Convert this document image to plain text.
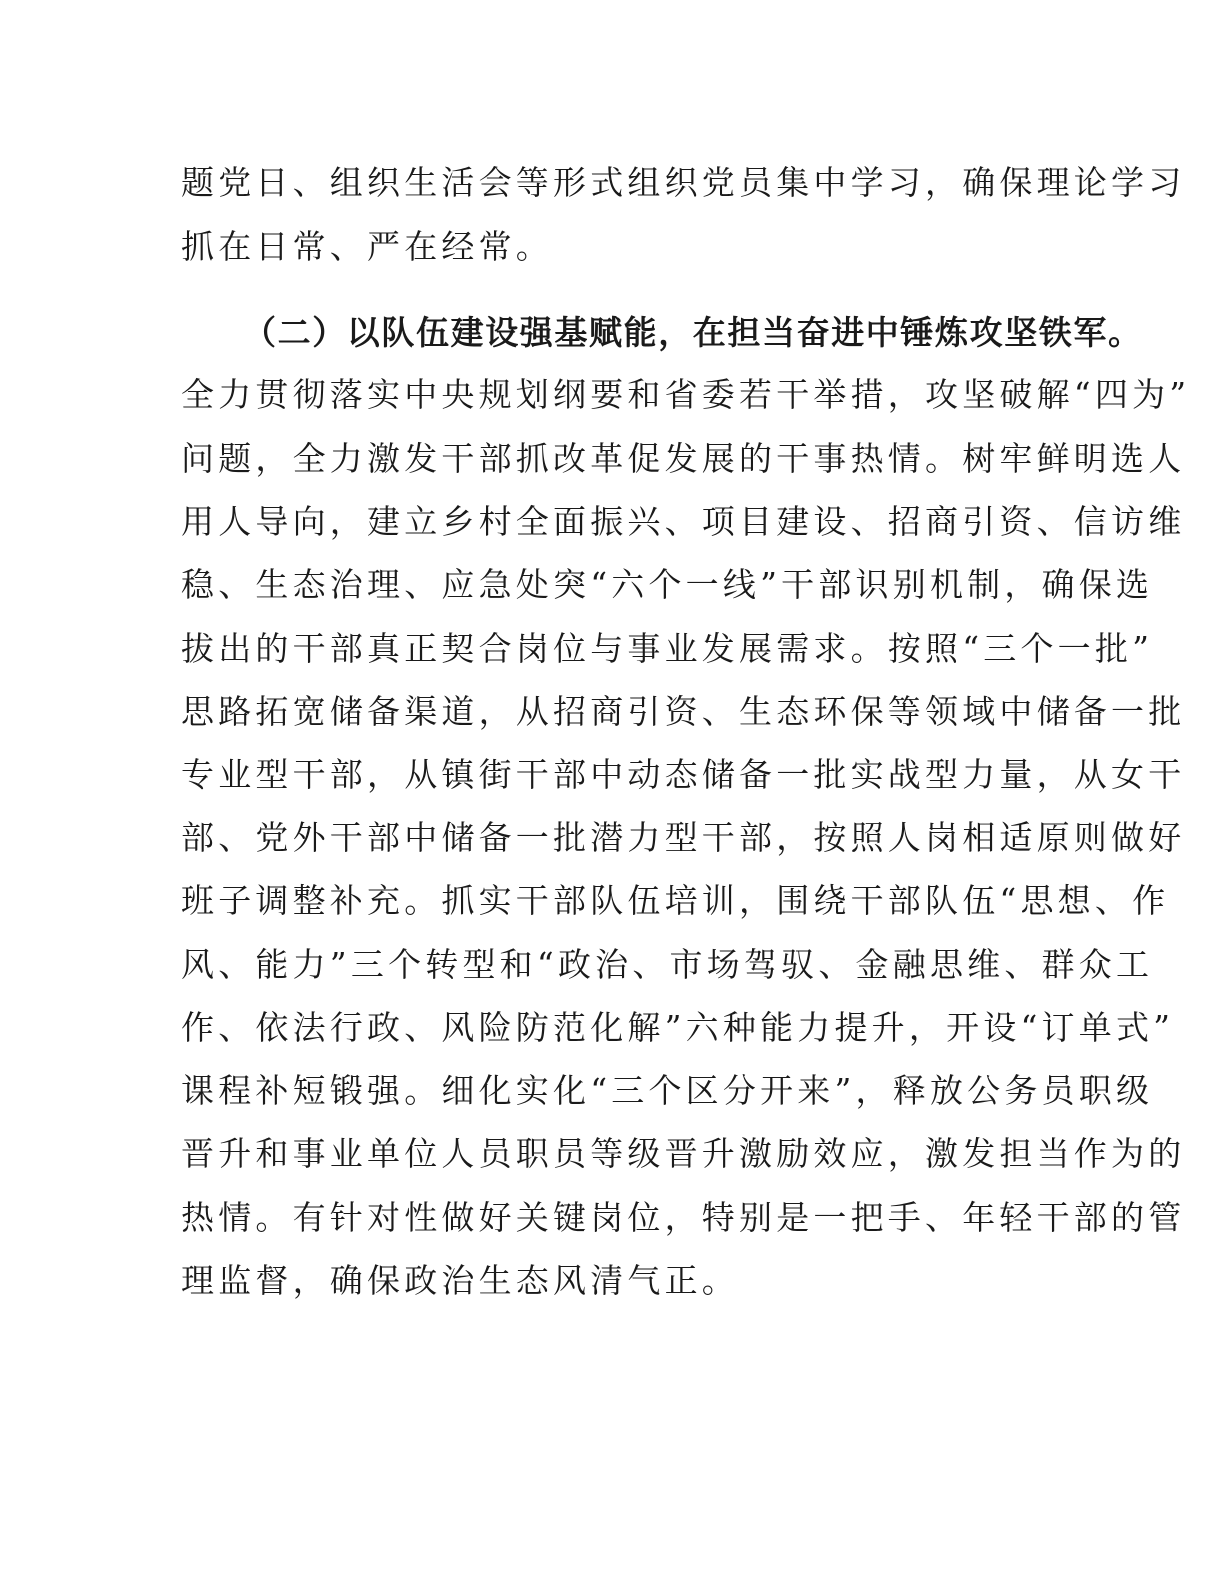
题党日、组织生活会等形式组织党员集中学习，确保理论学习
抓在日常、严在经常。
（二）以队伍建设强基赋能，在担当奋进中锤炼攻坚铁军。
全力贯彻落实中央规划纲要和省委若干举措，攻坚破解“四为”
问题，全力激发干部抓改革促发展的干事热情。树牢鲜明选人
用人导向，建立乡村全面振兴、项目建设、招商引资、信访维
稳、生态治理、应急处突“六个一线”干部识别机制，确保选
拔出的干部真正契合岗位与事业发展需求。按照“三个一批”
思路拓宽储备渠道，从招商引资、生态环保等领域中储备一批
专业型干部，从镇街干部中动态储备一批实战型力量，从女干
部、党外干部中储备一批潜力型干部，按照人岗相适原则做好
班子调整补充。抓实干部队伍培训，围绕干部队伍“思想、作
风、能力”三个转型和“政治、市场驾驭、金融思维、群众工
作、依法行政、风险防范化解”六种能力提升，开设“订单式”
课程补短锻强。细化实化“三个区分开来”，释放公务员职级
晋升和事业单位人员职员等级晋升激励效应，激发担当作为的
热情。有针对性做好关键岗位，特别是一把手、年轻干部的管
理监督，确保政治生态风清气正。
